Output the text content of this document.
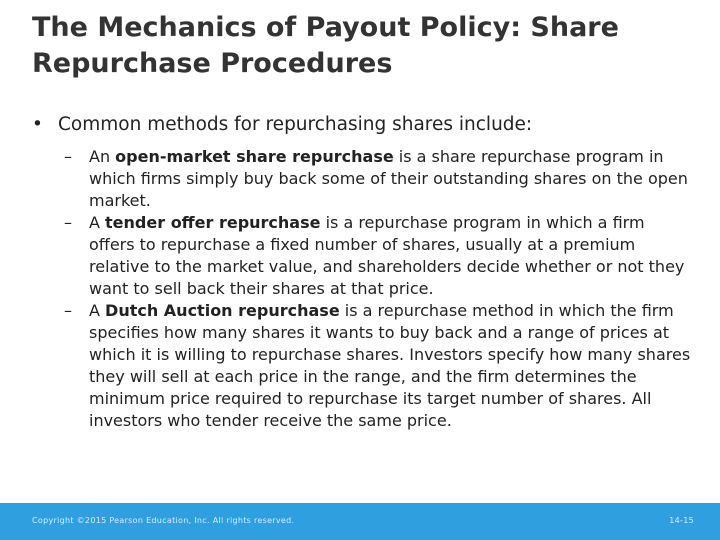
The Mechanics of Payout Policy: Share Repurchase Procedures
• Common methods for repurchasing shares include:
– An open-market share repurchase is a share repurchase program in which firms simply buy back some of their outstanding shares on the open market.
– A tender offer repurchase is a repurchase program in which a firm offers to repurchase a fixed number of shares, usually at a premium relative to the market value, and shareholders decide whether or not they want to sell back their shares at that price.
– A Dutch Auction repurchase is a repurchase method in which the firm specifies how many shares it wants to buy back and a range of prices at which it is willing to repurchase shares. Investors specify how many shares they will sell at each price in the range, and the firm determines the minimum price required to repurchase its target number of shares. All investors who tender receive the same price.
Copyright ©2015 Pearson Education, Inc. All rights reserved.	14-15
